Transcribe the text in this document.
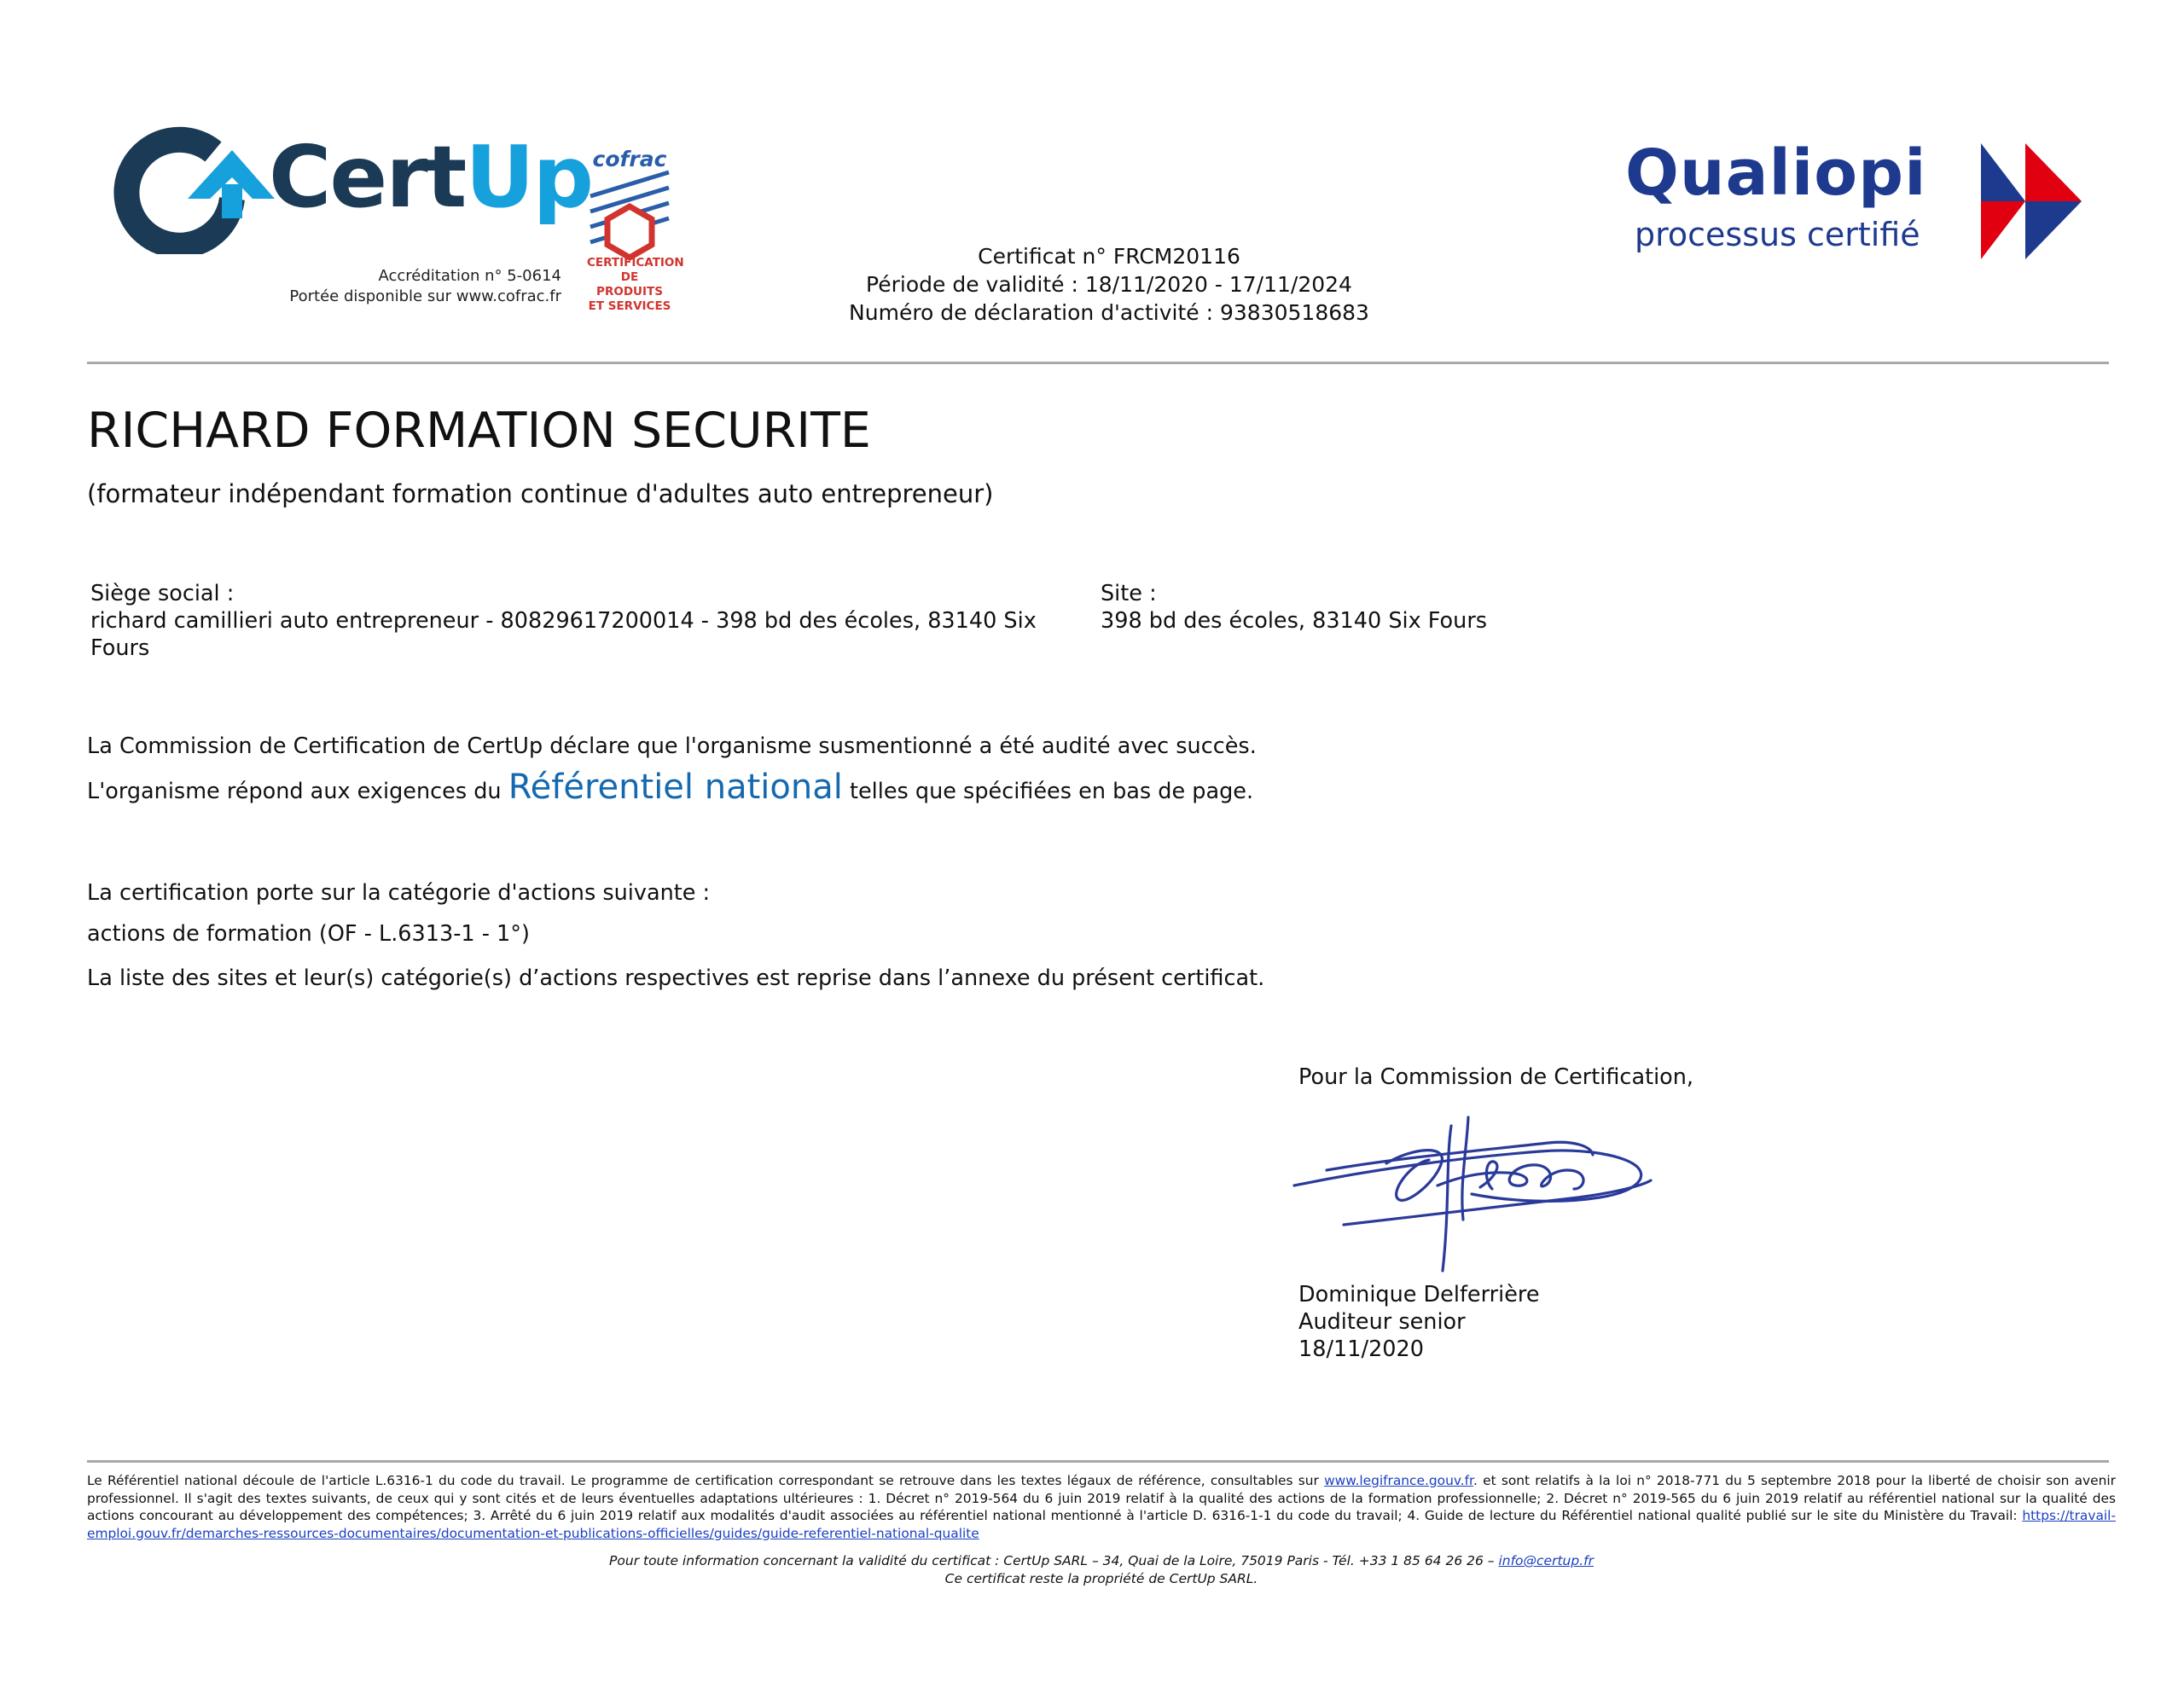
CertUp
Accréditation n° 5-0614
Portée disponible sur www.cofrac.fr
cofrac
CERTIFICATION
DE PRODUITS
ET SERVICES
Certificat n° FRCM20116
Période de validité : 18/11/2020 - 17/11/2024
Numéro de déclaration d'activité : 93830518683
Qualiopi
processus certifié
RICHARD FORMATION SECURITE
(formateur indépendant formation continue d'adultes auto entrepreneur)
Siège social :
richard camillieri auto entrepreneur - 80829617200014 - 398 bd des écoles, 83140 Six Fours
Site :
398 bd des écoles, 83140 Six Fours
La Commission de Certification de CertUp déclare que l'organisme susmentionné a été audité avec succès.
L'organisme répond aux exigences du Référentiel national telles que spécifiées en bas de page.
La certification porte sur la catégorie d'actions suivante :
actions de formation (OF - L.6313-1 - 1°)
La liste des sites et leur(s) catégorie(s) d’actions respectives est reprise dans l’annexe du présent certificat.
Pour la Commission de Certification,
Dominique Delferrière
Auditeur senior
18/11/2020
Le Référentiel national découle de l'article L.6316-1 du code du travail. Le programme de certification correspondant se retrouve dans les textes légaux de référence, consultables sur www.legifrance.gouv.fr. et sont relatifs à la loi n° 2018-771 du 5 septembre 2018 pour la liberté de choisir son avenir professionnel. Il s'agit des textes suivants, de ceux qui y sont cités et de leurs éventuelles adaptations ultérieures : 1. Décret n° 2019-564 du 6 juin 2019 relatif à la qualité des actions de la formation professionnelle; 2. Décret n° 2019-565 du 6 juin 2019 relatif au référentiel national sur la qualité des actions concourant au développement des compétences; 3. Arrêté du 6 juin 2019 relatif aux modalités d'audit associées au référentiel national mentionné à l'article D. 6316-1-1 du code du travail; 4. Guide de lecture du Référentiel national qualité publié sur le site du Ministère du Travail: https://travail-emploi.gouv.fr/demarches-ressources-documentaires/documentation-et-publications-officielles/guides/guide-referentiel-national-qualite
Pour toute information concernant la validité du certificat : CertUp SARL – 34, Quai de la Loire, 75019 Paris - Tél. +33 1 85 64 26 26 – info@certup.fr
Ce certificat reste la propriété de CertUp SARL.
